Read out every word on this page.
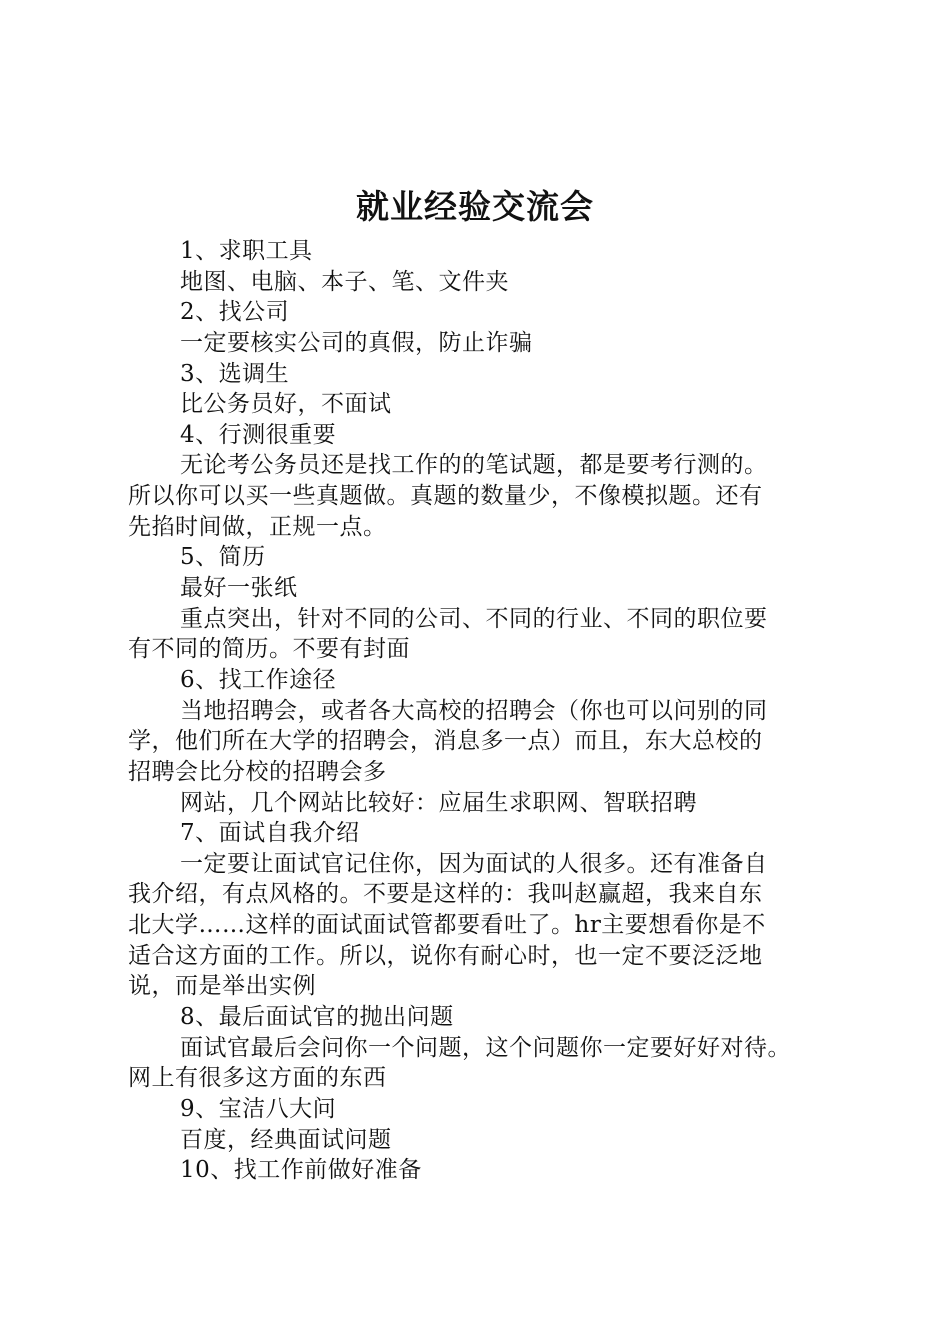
就业经验交流会

1、求职工具

地图、电脑、本子、笔、文件夹

2、找公司

一定要核实公司的真假，防止诈骗

3、选调生

比公务员好，不面试

4、行测很重要

无论考公务员还是找工作的的笔试题，都是要考行测的。

所以你可以买一些真题做。真题的数量少，不像模拟题。还有

先掐时间做，正规一点。

5、简历

最好一张纸

重点突出，针对不同的公司、不同的行业、不同的职位要

有不同的简历。不要有封面

6、找工作途径

当地招聘会，或者各大高校的招聘会（你也可以问别的同

学，他们所在大学的招聘会，消息多一点）而且，东大总校的

招聘会比分校的招聘会多

网站，几个网站比较好：应届生求职网、智联招聘

7、面试自我介绍

一定要让面试官记住你，因为面试的人很多。还有准备自

我介绍，有点风格的。不要是这样的：我叫赵赢超，我来自东

北大学……这样的面试面试管都要看吐了。hr主要想看你是不

适合这方面的工作。所以，说你有耐心时，也一定不要泛泛地

说，而是举出实例

8、最后面试官的抛出问题

面试官最后会问你一个问题，这个问题你一定要好好对待。

网上有很多这方面的东西

9、宝洁八大问

百度，经典面试问题

10、找工作前做好准备
